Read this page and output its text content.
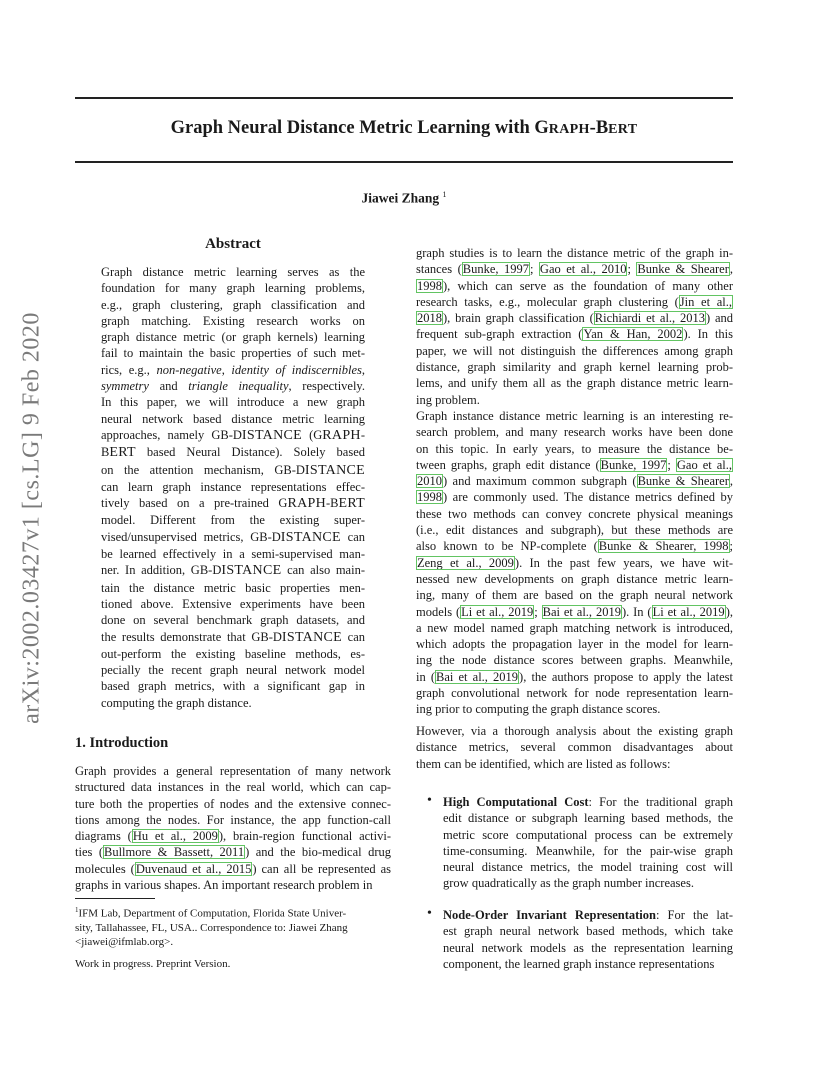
arXiv:2002.03427v1 [cs.LG] 9 Feb 2020
Graph Neural Distance Metric Learning with GRAPH-BERT
Jiawei Zhang $^1$
Abstract
Graph distance metric learning serves as the
foundation for many graph learning problems,
e.g., graph clustering, graph classification and
graph matching. Existing research works on
graph distance metric (or graph kernels) learning
fail to maintain the basic properties of such met-
rics, e.g., non-negative, identity of indiscernibles,
symmetry and triangle inequality, respectively.
In this paper, we will introduce a new graph
neural network based distance metric learning
approaches, namely GB-DISTANCE (GRAPH-
BERT based Neural Distance). Solely based
on the attention mechanism, GB-DISTANCE
can learn graph instance representations effec-
tively based on a pre-trained GRAPH-BERT
model. Different from the existing super-
vised/unsupervised metrics, GB-DISTANCE can
be learned effectively in a semi-supervised man-
ner. In addition, GB-DISTANCE can also main-
tain the distance metric basic properties men-
tioned above. Extensive experiments have been
done on several benchmark graph datasets, and
the results demonstrate that GB-DISTANCE can
out-perform the existing baseline methods, es-
pecially the recent graph neural network model
based graph metrics, with a significant gap in
computing the graph distance.
1. Introduction
Graph provides a general representation of many network
structured data instances in the real world, which can cap-
ture both the properties of nodes and the extensive connec-
tions among the nodes. For instance, the app function-call
diagrams (Hu et al., 2009), brain-region functional activi-
ties (Bullmore & Bassett, 2011) and the bio-medical drug
molecules (Duvenaud et al., 2015) can all be represented as
graphs in various shapes. An important research problem in
$^1$IFM Lab, Department of Computation, Florida State Univer-
sity, Tallahassee, FL, USA.. Correspondence to: Jiawei Zhang
<jiawei@ifmlab.org>.
Work in progress. Preprint Version.
graph studies is to learn the distance metric of the graph in-
stances (Bunke, 1997; Gao et al., 2010; Bunke & Shearer,
1998), which can serve as the foundation of many other
research tasks, e.g., molecular graph clustering (Jin et al.,
2018), brain graph classification (Richiardi et al., 2013) and
frequent sub-graph extraction (Yan & Han, 2002). In this
paper, we will not distinguish the differences among graph
distance, graph similarity and graph kernel learning prob-
lems, and unify them all as the graph distance metric learn-
ing problem.
Graph instance distance metric learning is an interesting re-
search problem, and many research works have been done
on this topic. In early years, to measure the distance be-
tween graphs, graph edit distance (Bunke, 1997; Gao et al.,
2010) and maximum common subgraph (Bunke & Shearer,
1998) are commonly used. The distance metrics defined by
these two methods can convey concrete physical meanings
(i.e., edit distances and subgraph), but these methods are
also known to be NP-complete (Bunke & Shearer, 1998;
Zeng et al., 2009). In the past few years, we have wit-
nessed new developments on graph distance metric learn-
ing, many of them are based on the graph neural network
models (Li et al., 2019; Bai et al., 2019). In (Li et al., 2019),
a new model named graph matching network is introduced,
which adopts the propagation layer in the model for learn-
ing the node distance scores between graphs. Meanwhile,
in (Bai et al., 2019), the authors propose to apply the latest
graph convolutional network for node representation learn-
ing prior to computing the graph distance scores.
However, via a thorough analysis about the existing graph
distance metrics, several common disadvantages about
them can be identified, which are listed as follows:
• High Computational Cost: For the traditional graph
edit distance or subgraph learning based methods, the
metric score computational process can be extremely
time-consuming. Meanwhile, for the pair-wise graph
neural distance metrics, the model training cost will
grow quadratically as the graph number increases.
• Node-Order Invariant Representation: For the lat-
est graph neural network based methods, which take
neural network models as the representation learning
component, the learned graph instance representations
